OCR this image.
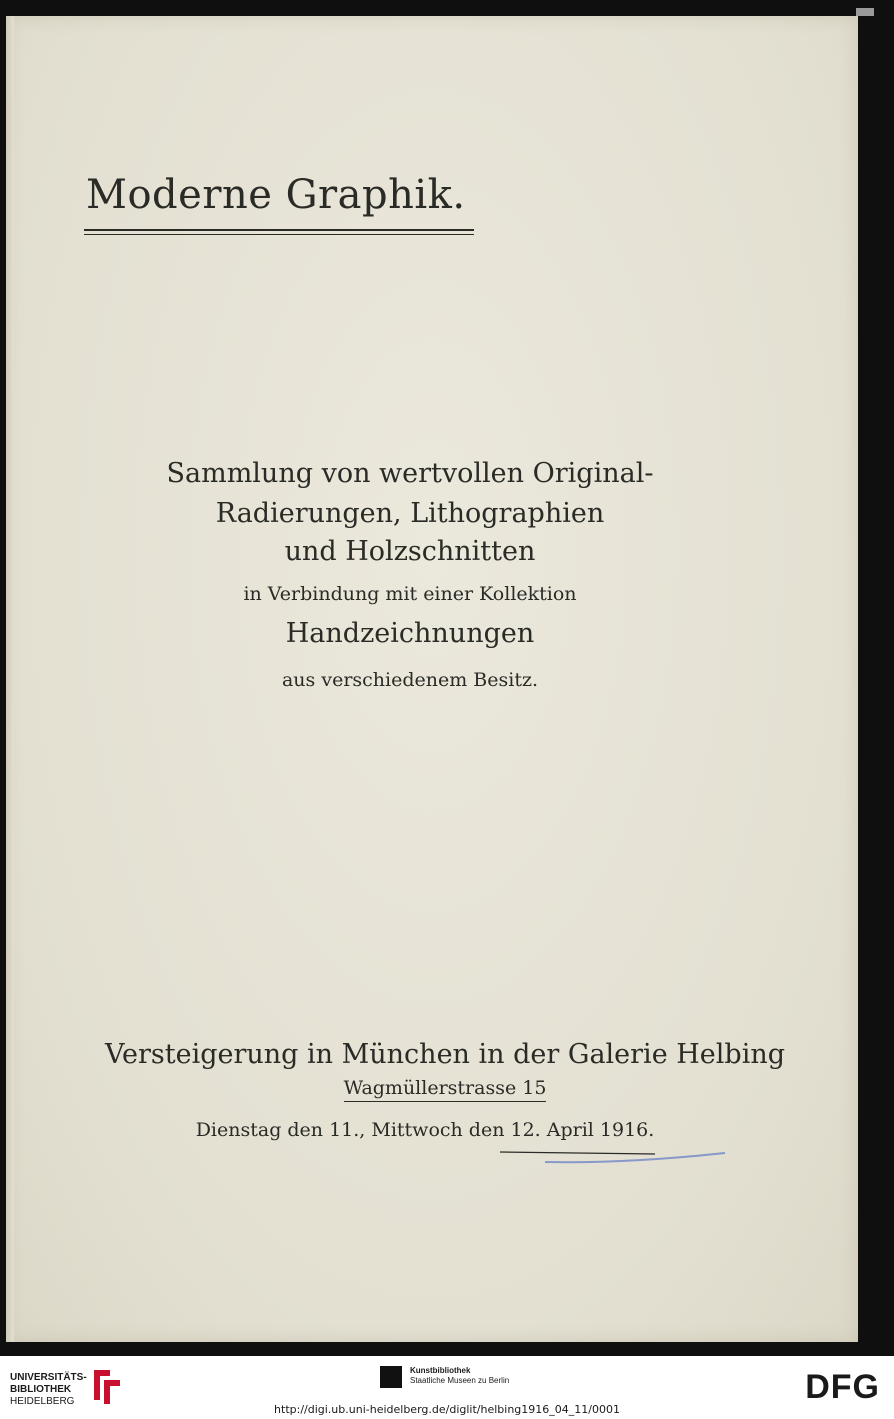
Moderne Graphik.
Sammlung von wertvollen Original-
Radierungen, Lithographien
und Holzschnitten
in Verbindung mit einer Kollektion
Handzeichnungen
aus verschiedenem Besitz.
Versteigerung in München in der Galerie Helbing
Wagmüllerstrasse 15
Dienstag den 11., Mittwoch den 12. April 1916.
UNIVERSITÄTS-
BIBLIOTHEK
HEIDELBERG
Kunstbibliothek
Staatliche Museen zu Berlin	DFG
http://digi.ub.uni-heidelberg.de/diglit/helbing1916_04_11/0001
